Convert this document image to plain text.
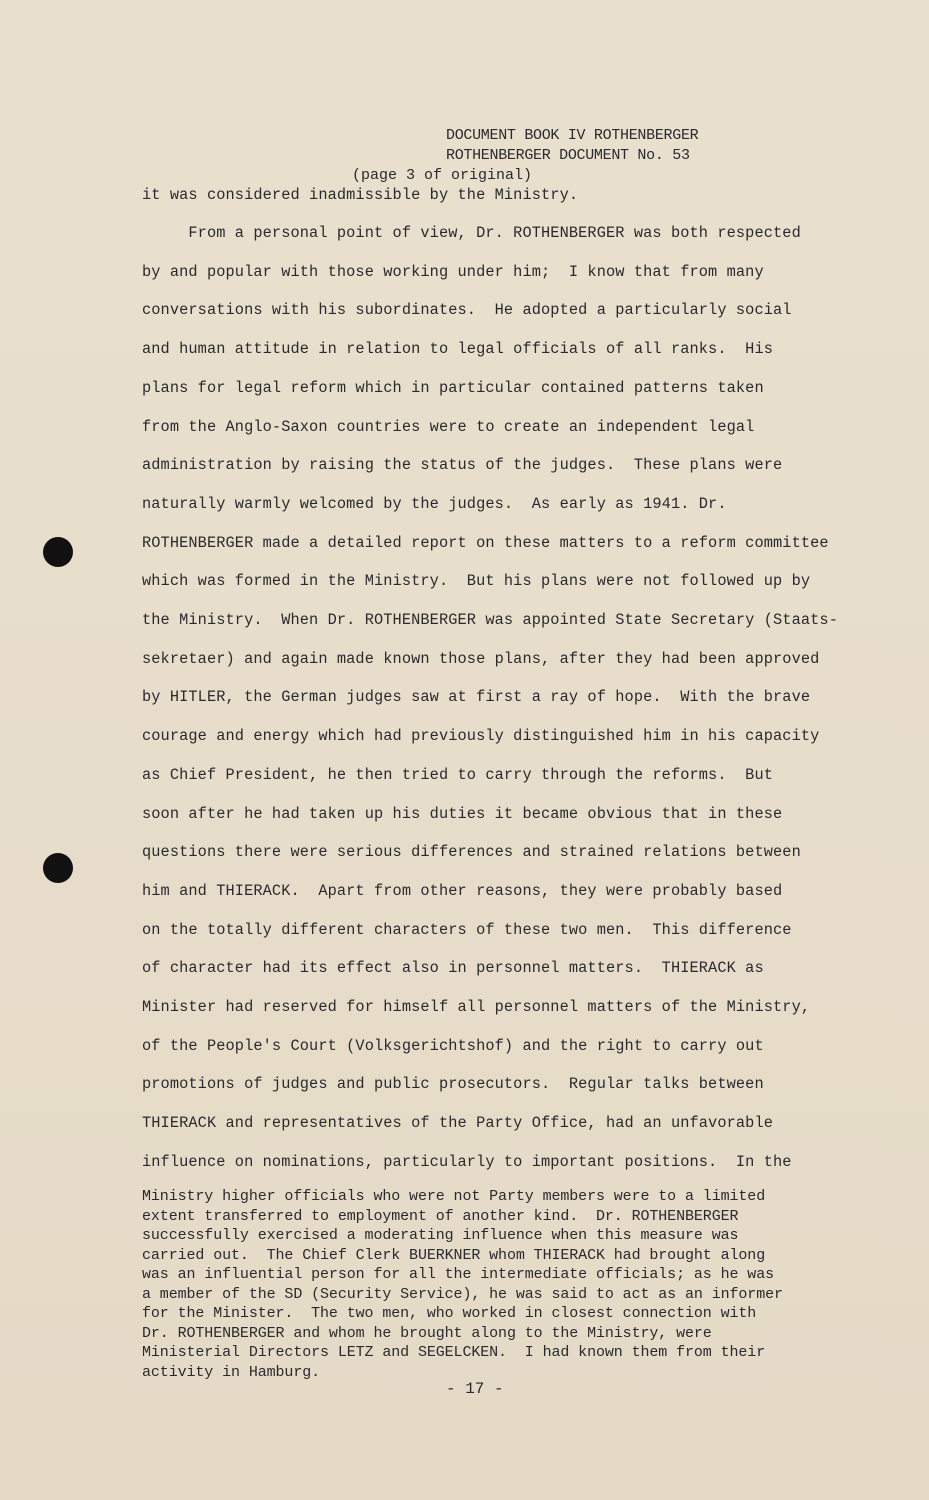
DOCUMENT BOOK IV ROTHENBERGER
ROTHENBERGER DOCUMENT No. 53
(page 3 of original)
it was considered inadmissible by the Ministry.
From a personal point of view, Dr. ROTHENBERGER was both respected
by and popular with those working under him;  I know that from many
conversations with his subordinates.  He adopted a particularly social
and human attitude in relation to legal officials of all ranks.  His
plans for legal reform which in particular contained patterns taken
from the Anglo-Saxon countries were to create an independent legal
administration by raising the status of the judges.  These plans were
naturally warmly welcomed by the judges.  As early as 1941. Dr.
ROTHENBERGER made a detailed report on these matters to a reform committee
which was formed in the Ministry.  But his plans were not followed up by
the Ministry.  When Dr. ROTHENBERGER was appointed State Secretary (Staats-
sekretaer) and again made known those plans, after they had been approved
by HITLER, the German judges saw at first a ray of hope.  With the brave
courage and energy which had previously distinguished him in his capacity
as Chief President, he then tried to carry through the reforms.  But
soon after he had taken up his duties it became obvious that in these
questions there were serious differences and strained relations between
him and THIERACK.  Apart from other reasons, they were probably based
on the totally different characters of these two men.  This difference
of character had its effect also in personnel matters.  THIERACK as
Minister had reserved for himself all personnel matters of the Ministry,
of the People's Court (Volksgerichtshof) and the right to carry out
promotions of judges and public prosecutors.  Regular talks between
THIERACK and representatives of the Party Office, had an unfavorable
influence on nominations, particularly to important positions.  In the
Ministry higher officials who were not Party members were to a limited
extent transferred to employment of another kind.  Dr. ROTHENBERGER
successfully exercised a moderating influence when this measure was
carried out.  The Chief Clerk BUERKNER whom THIERACK had brought along
was an influential person for all the intermediate officials; as he was
a member of the SD (Security Service), he was said to act as an informer
for the Minister.  The two men, who worked in closest connection with
Dr. ROTHENBERGER and whom he brought along to the Ministry, were
Ministerial Directors LETZ and SEGELCKEN.  I had known them from their
activity in Hamburg.
- 17 -
